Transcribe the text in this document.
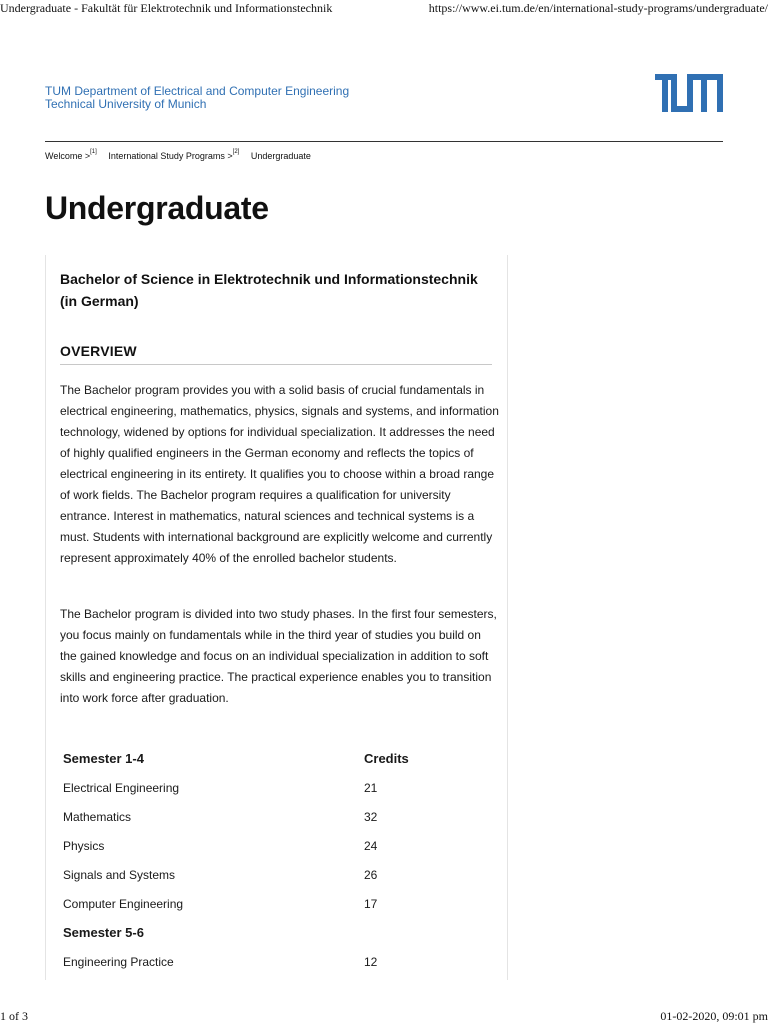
Undergraduate - Fakultät für Elektrotechnik und Informationstechnik	https://www.ei.tum.de/en/international-study-programs/undergraduate/
TUM Department of Electrical and Computer Engineering
Technical University of Munich
Welcome >[1] International Study Programs >[2] Undergraduate
Undergraduate
Bachelor of Science in Elektrotechnik und Informationstechnik (in German)
OVERVIEW

The Bachelor program provides you with a solid basis of crucial fundamentals in electrical engineering, mathematics, physics, signals and systems, and information technology, widened by options for individual specialization. It addresses the need of highly qualified engineers in the German economy and reflects the topics of electrical engineering in its entirety. It qualifies you to choose within a broad range of work fields. The Bachelor program requires a qualification for university entrance. Interest in mathematics, natural sciences and technical systems is a must. Students with international background are explicitly welcome and currently represent approximately 40% of the enrolled bachelor students.

The Bachelor program is divided into two study phases. In the first four semesters, you focus mainly on fundamentals while in the third year of studies you build on the gained knowledge and focus on an individual specialization in addition to soft skills and engineering practice. The practical experience enables you to transition into work force after graduation.

Semester 1-4	Credits
Electrical Engineering	21
Mathematics	32
Physics	24
Signals and Systems	26
Computer Engineering	17
Semester 5-6	
Engineering Practice	12
1 of 3	01-02-2020, 09:01 pm
